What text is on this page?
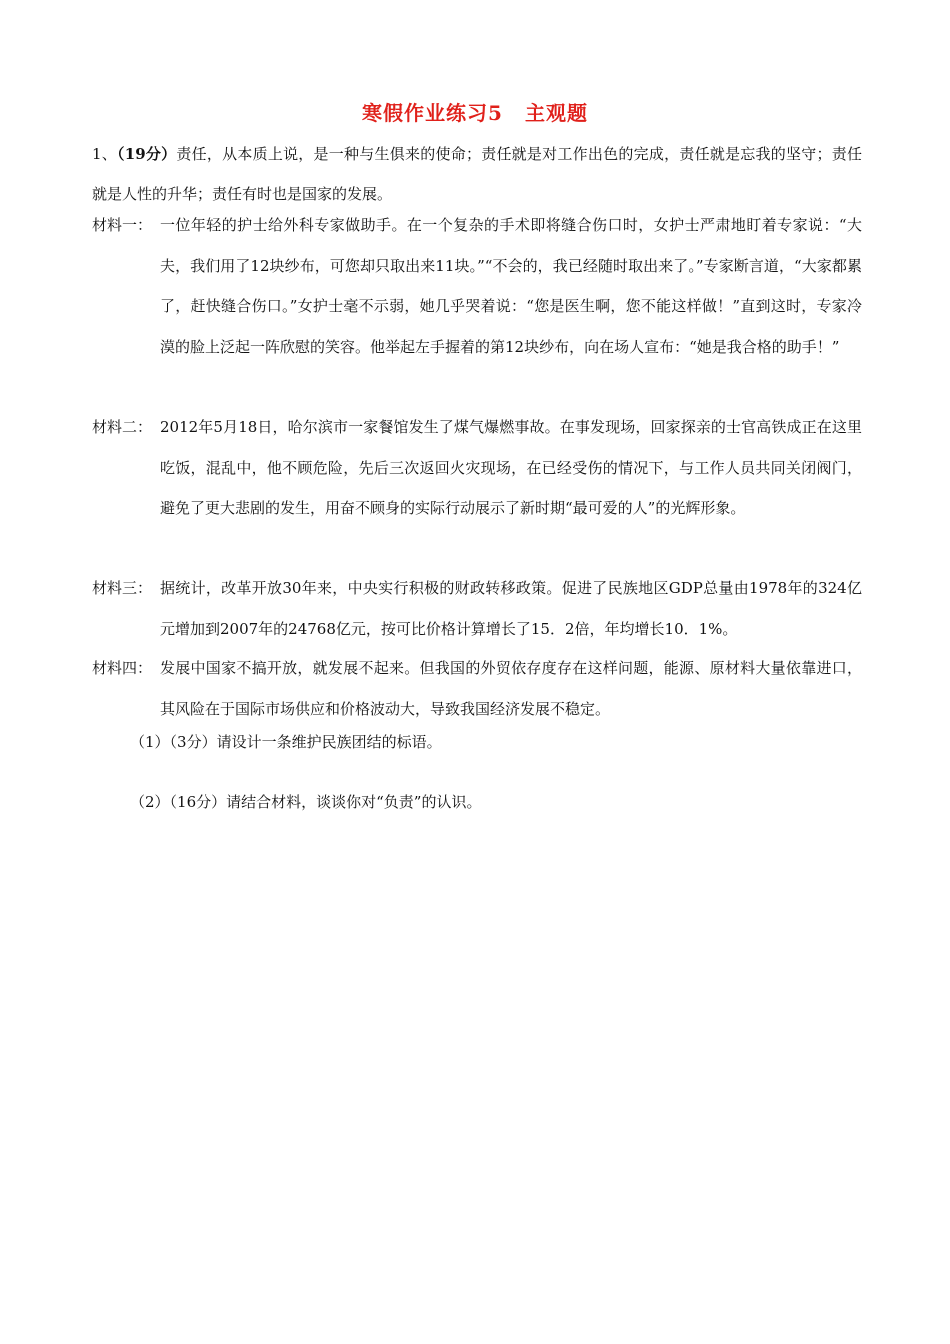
寒假作业练习5 主观题
1、（19分）责任，从本质上说，是一种与生俱来的使命；责任就是对工作出色的完成，责任就是忘我的坚守；责任就是人性的升华；责任有时也是国家的发展。
材料一： 一位年轻的护士给外科专家做助手。在一个复杂的手术即将缝合伤口时，女护士严肃地盯着专家说：“大夫，我们用了12块纱布，可您却只取出来11块。”“不会的，我已经随时取出来了。”专家断言道，“大家都累了，赶快缝合伤口。”女护士毫不示弱，她几乎哭着说：“您是医生啊，您不能这样做！”直到这时，专家冷漠的脸上泛起一阵欣慰的笑容。他举起左手握着的第12块纱布，向在场人宣布：“她是我合格的助手！”
材料二： 2012年5月18日，哈尔滨市一家餐馆发生了煤气爆燃事故。在事发现场，回家探亲的士官高铁成正在这里吃饭，混乱中，他不顾危险，先后三次返回火灾现场，在已经受伤的情况下，与工作人员共同关闭阀门，避免了更大悲剧的发生，用奋不顾身的实际行动展示了新时期“最可爱的人”的光辉形象。
材料三： 据统计，改革开放30年来，中央实行积极的财政转移政策。促进了民族地区GDP总量由1978年的324亿元增加到2007年的24768亿元，按可比价格计算增长了15．2倍，年均增长10．1%。
材料四： 发展中国家不搞开放，就发展不起来。但我国的外贸依存度存在这样问题，能源、原材料大量依靠进口，其风险在于国际市场供应和价格波动大，导致我国经济发展不稳定。
（1）（3分）请设计一条维护民族团结的标语。
（2）（16分）请结合材料，谈谈你对“负责”的认识。
